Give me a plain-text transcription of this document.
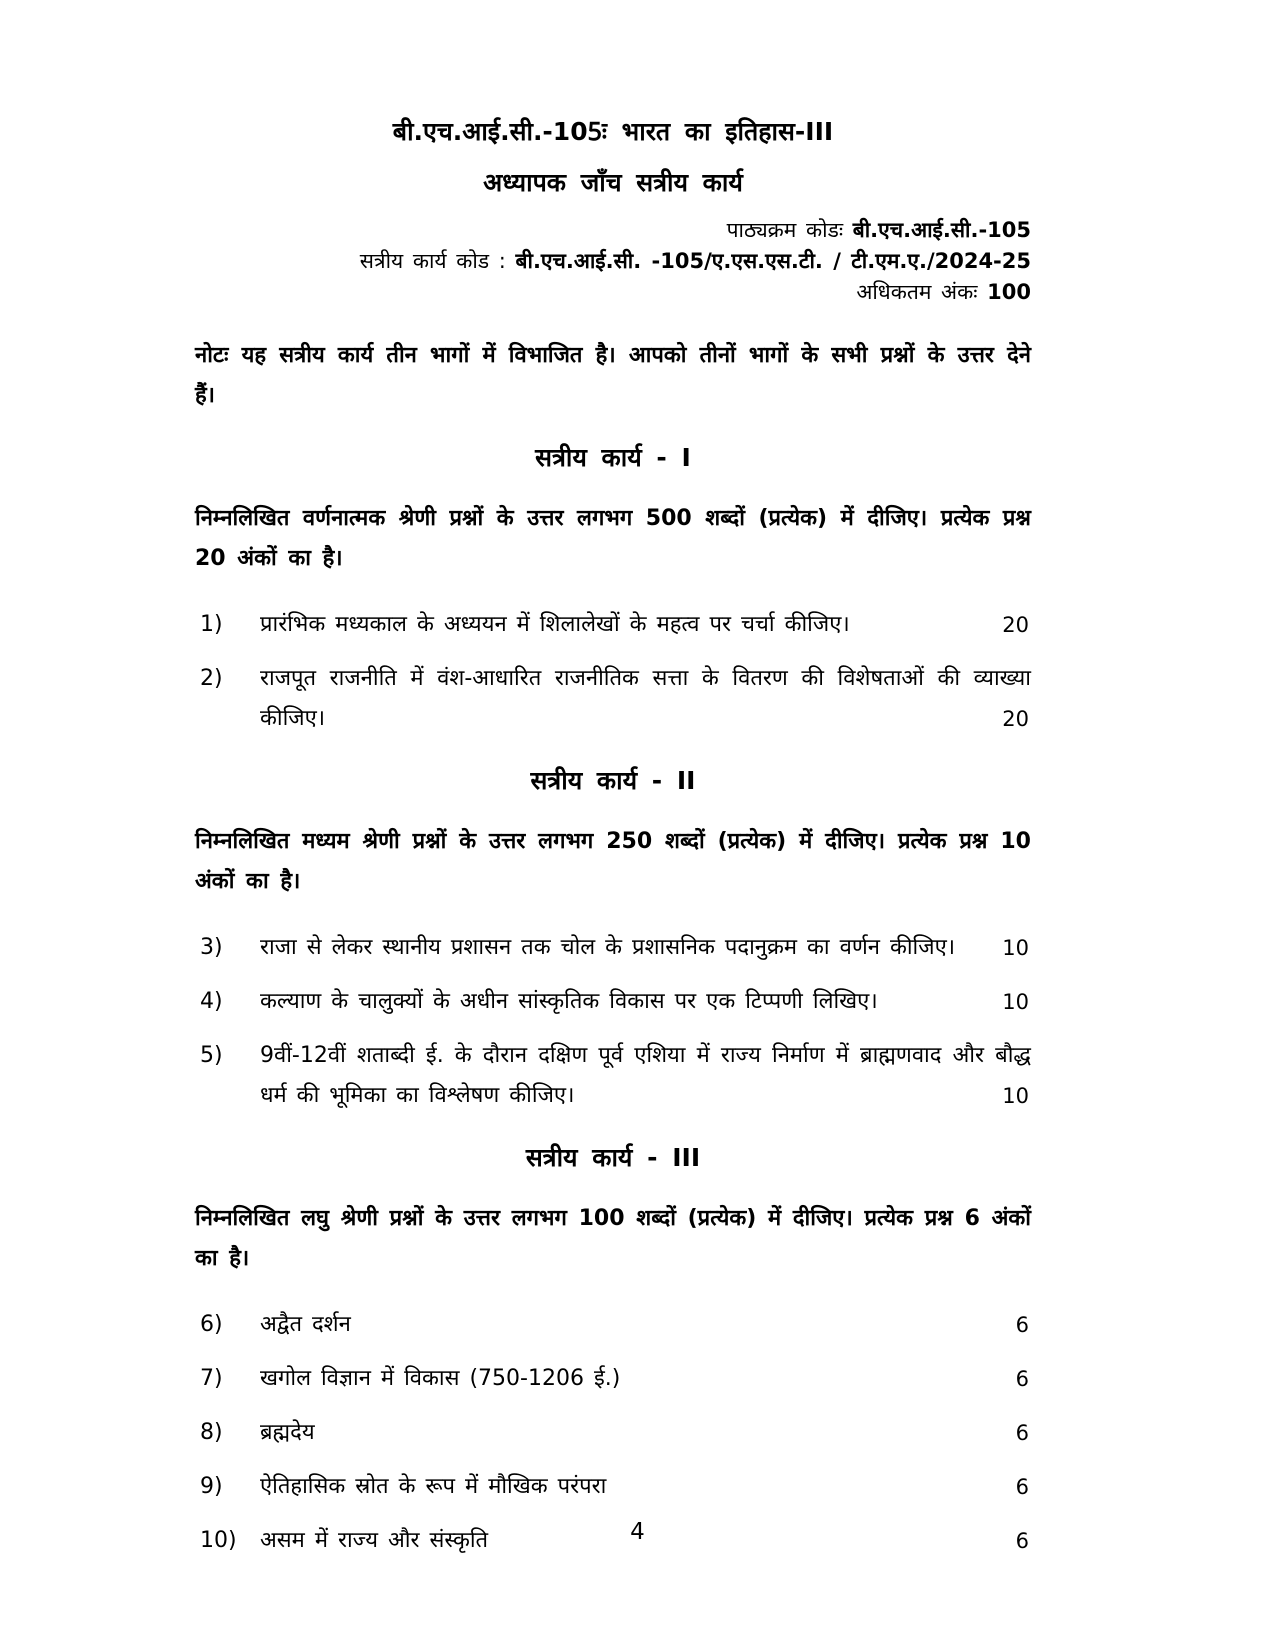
बी.एच.आई.सी.-105ः भारत का इतिहास-III
अध्यापक जाँच सत्रीय कार्य
पाठ्यक्रम कोडः बी.एच.आई.सी.-105
सत्रीय कार्य कोड : बी.एच.आई.सी. -105/ए.एस.एस.टी. / टी.एम.ए./2024-25
अधिकतम अंकः 100

नोटः यह सत्रीय कार्य तीन भागों में विभाजित है। आपको तीनों भागों के सभी प्रश्नों के उत्तर देने हैं।

सत्रीय कार्य - I

निम्नलिखित वर्णनात्मक श्रेणी प्रश्नों के उत्तर लगभग 500 शब्दों (प्रत्येक) में दीजिए। प्रत्येक प्रश्न 20 अंकों का है।

1) प्रारंभिक मध्यकाल के अध्ययन में शिलालेखों के महत्व पर चर्चा कीजिए।	20
2) राजपूत राजनीति में वंश-आधारित राजनीतिक सत्ता के वितरण की विशेषताओं की व्याख्या कीजिए।	20
सत्रीय कार्य - II

निम्नलिखित मध्यम श्रेणी प्रश्नों के उत्तर लगभग 250 शब्दों (प्रत्येक) में दीजिए। प्रत्येक प्रश्न 10 अंकों का है।

3) राजा से लेकर स्थानीय प्रशासन तक चोल के प्रशासनिक पदानुक्रम का वर्णन कीजिए।	10
4) कल्याण के चालुक्यों के अधीन सांस्कृतिक विकास पर एक टिप्पणी लिखिए।	10
5) 9वीं-12वीं शताब्दी ई. के दौरान दक्षिण पूर्व एशिया में राज्य निर्माण में ब्राह्मणवाद और बौद्ध धर्म की भूमिका का विश्लेषण कीजिए।	10
सत्रीय कार्य - III

निम्नलिखित लघु श्रेणी प्रश्नों के उत्तर लगभग 100 शब्दों (प्रत्येक) में दीजिए। प्रत्येक प्रश्न 6 अंकों का है।

6) अद्वैत दर्शन	6
7) खगोल विज्ञान में विकास (750-1206 ई.)	6
8) ब्रह्मदेय	6
9) ऐतिहासिक स्रोत के रूप में मौखिक परंपरा	6
10) असम में राज्य और संस्कृति	6
4
